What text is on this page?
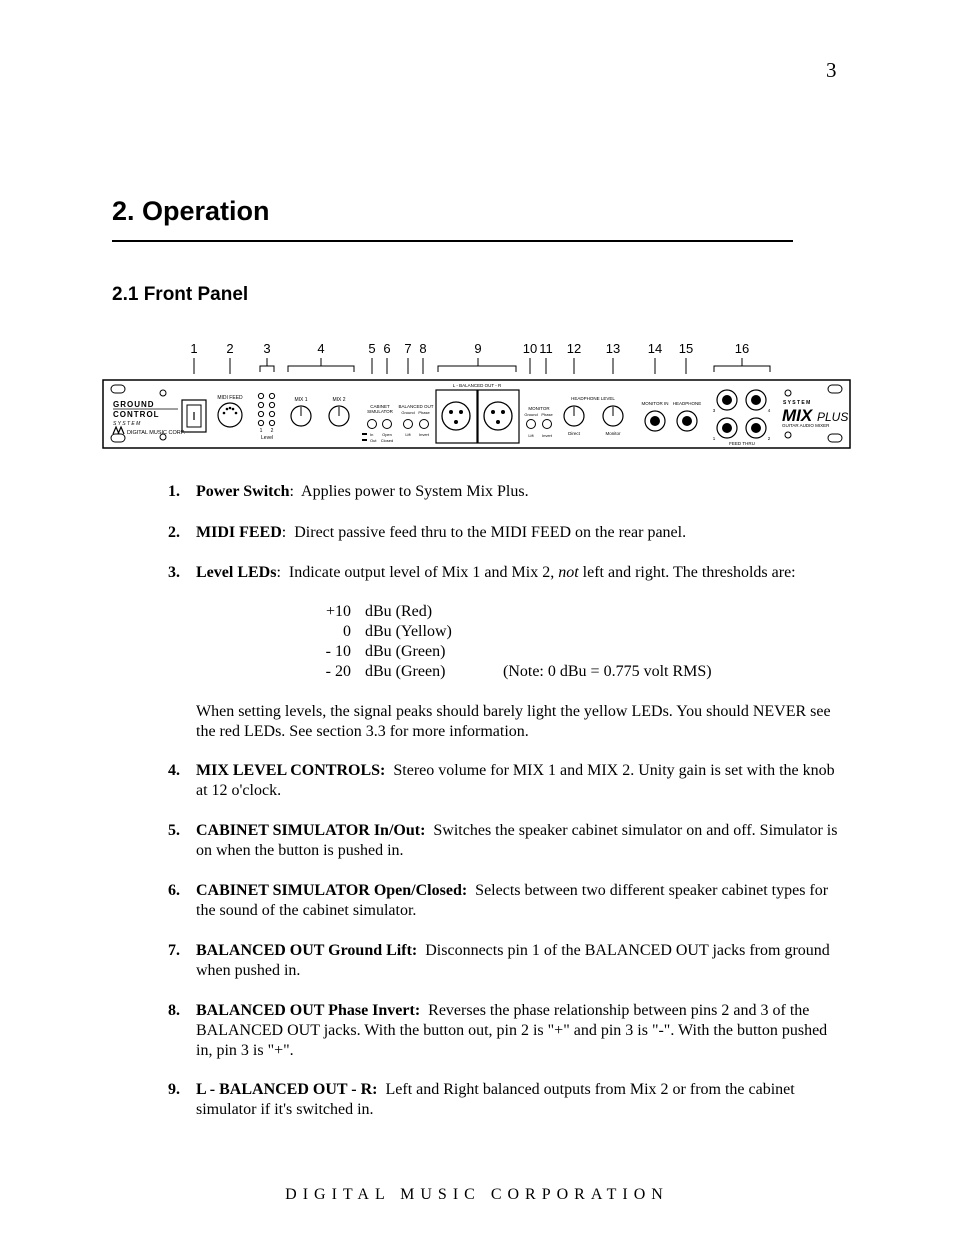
3
2. Operation
2.1 Front Panel
1 2 3	4	5 6 7 8	9	10 11 12 13 14 15	16
GROUND
CONTROL
S Y S T E M
DIGITAL MUSIC CORP.
MIDI FEED
1 2
Level
MIX 1	MIX 2
CABINET
SIMULATOR
BALANCED OUT
Ground Phase
In
Out
Open
Closed
Lift Invert
L - BALANCED OUT - R
MONITOR
Ground Phase
Lift Invert
HEADPHONE LEVEL
Direct	Monitor
MONITOR IN HEADPHONE
3	4
1	2
FEED THRU
S Y S T E M
MIX PLUS
GUITAR AUDIO MIXER
1. Power Switch:  Applies power to System Mix Plus.
2. MIDI FEED:  Direct passive feed thru to the MIDI FEED on the rear panel.
3. Level LEDs:  Indicate output level of Mix 1 and Mix 2, not left and right. The thresholds are:
+10 dBu (Red)
0 dBu (Yellow)
- 10 dBu (Green)
- 20 dBu (Green)	(Note: 0 dBu = 0.775 volt RMS)
When setting levels, the signal peaks should barely light the yellow LEDs. You should NEVER see the red LEDs. See section 3.3 for more information.
4. MIX LEVEL CONTROLS: Stereo volume for MIX 1 and MIX 2. Unity gain is set with the knob at 12 o'clock.
5. CABINET SIMULATOR In/Out: Switches the speaker cabinet simulator on and off. Simulator is on when the button is pushed in.
6. CABINET SIMULATOR Open/Closed: Selects between two different speaker cabinet types for the sound of the cabinet simulator.
7. BALANCED OUT Ground Lift: Disconnects pin 1 of the BALANCED OUT jacks from ground when pushed in.
8. BALANCED OUT Phase Invert: Reverses the phase relationship between pins 2 and 3 of the BALANCED OUT jacks. With the button out, pin 2 is "+" and pin 3 is "-". With the button pushed in, pin 3 is "+".
9. L - BALANCED OUT - R: Left and Right balanced outputs from Mix 2 or from the cabinet simulator if it's switched in.
DIGITAL MUSIC CORPORATION
